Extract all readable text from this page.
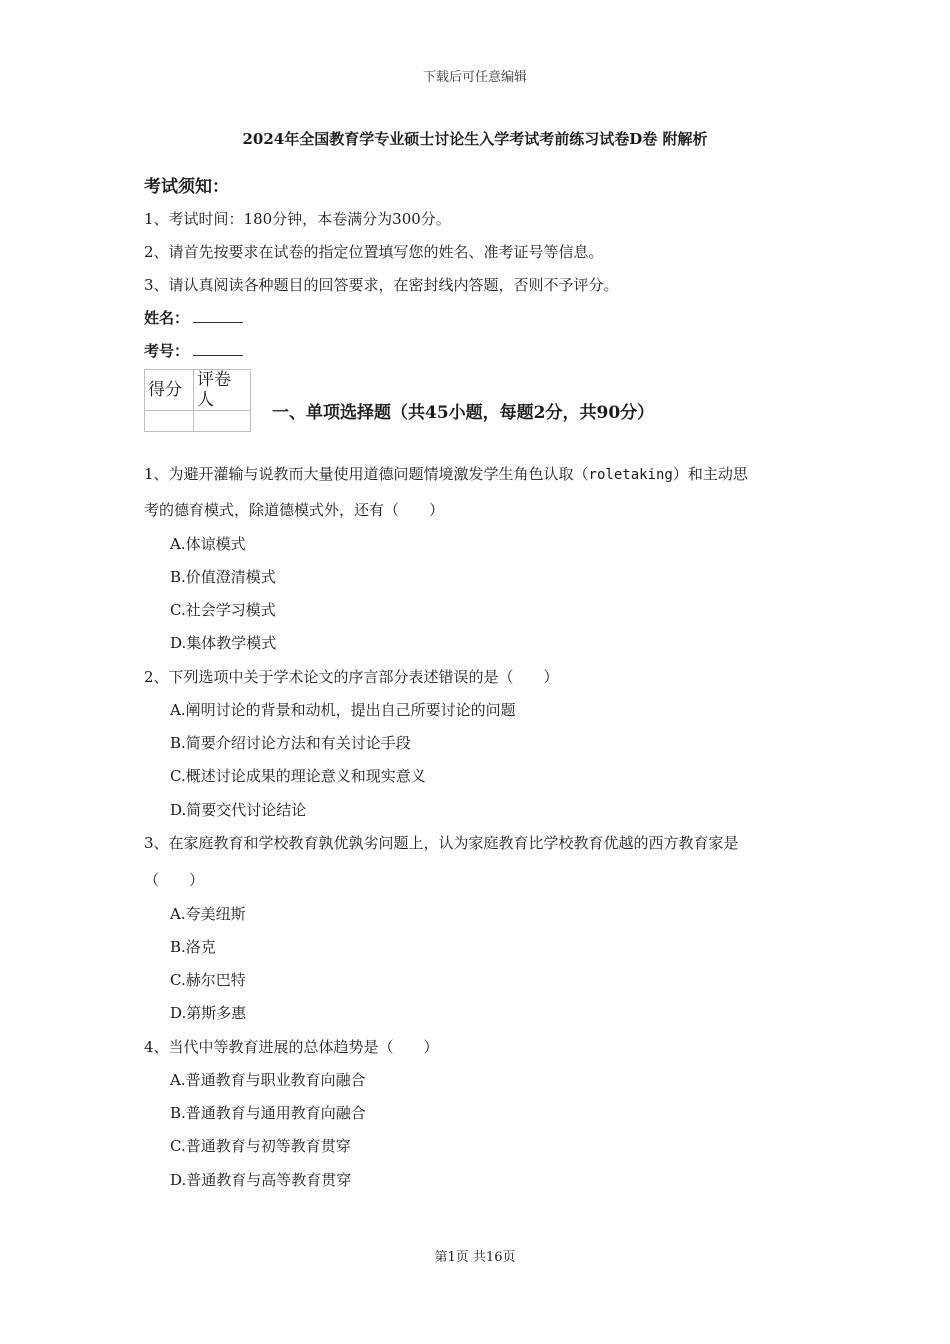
下载后可任意编辑
2024年全国教育学专业硕士讨论生入学考试考前练习试卷D卷 附解析
考试须知：
1、考试时间：180分钟，本卷满分为300分。
2、请首先按要求在试卷的指定位置填写您的姓名、准考证号等信息。
3、请认真阅读各种题目的回答要求，在密封线内答题，否则不予评分。
姓名：
考号：
得分	评卷人

一、单项选择题（共45小题，每题2分，共90分）
1、为避开灌输与说教而大量使用道德问题情境激发学生角色认取（roletaking）和主动思
考的德育模式，除道德模式外，还有（　　）
A.体谅模式
B.价值澄清模式
C.社会学习模式
D.集体教学模式
2、下列选项中关于学术论文的序言部分表述错误的是（　　）
A.阐明讨论的背景和动机，提出自己所要讨论的问题
B.简要介绍讨论方法和有关讨论手段
C.概述讨论成果的理论意义和现实意义
D.简要交代讨论结论
3、在家庭教育和学校教育孰优孰劣问题上，认为家庭教育比学校教育优越的西方教育家是
（　　）
A.夸美纽斯
B.洛克
C.赫尔巴特
D.第斯多惠
4、当代中等教育进展的总体趋势是（　　）
A.普通教育与职业教育向融合
B.普通教育与通用教育向融合
C.普通教育与初等教育贯穿
D.普通教育与高等教育贯穿
第1页 共16页
